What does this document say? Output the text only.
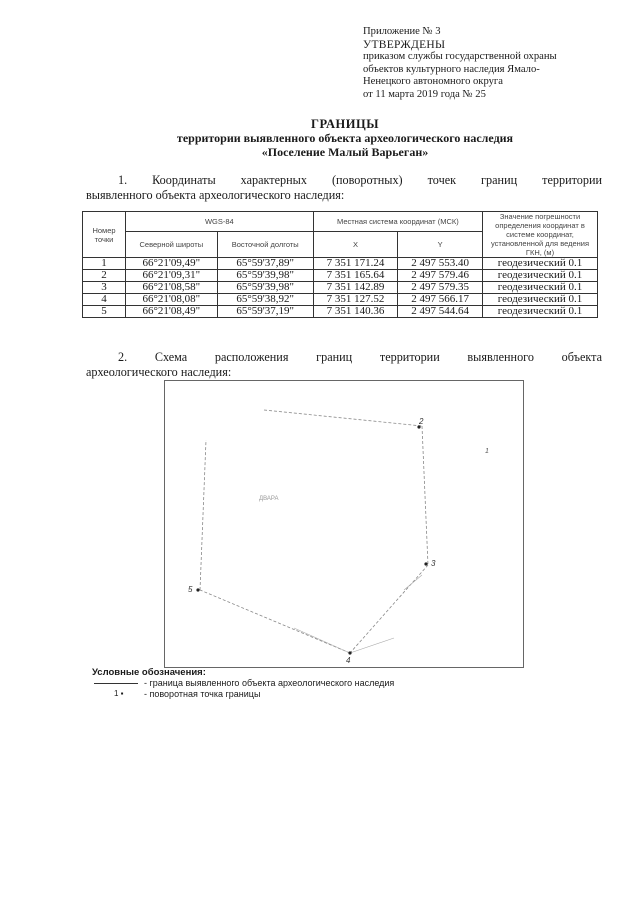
Приложение № 3
УТВЕРЖДЕНЫ
приказом службы государственной охраны
объектов культурного наследия Ямало-
Ненецкого автономного округа
от 11 марта 2019 года № 25
ГРАНИЦЫ
территории выявленного объекта археологического наследия
«Поселение Малый Варьеган»
1. Координаты характерных (поворотных) точек границ территории
выявленного объекта археологического наследия:
Номер точки	WGS-84		Местная система координат (МСК)		Значение погрешности определения координат в системе координат, установленной для ведения ГКН, (м)
	Северной широты	Восточной долготы	X	Y	
1	66°21'09,49"	65°59'37,89"	7 351 171.24	2 497 553.40	геодезический 0.1
2	66°21'09,31"	65°59'39,98"	7 351 165.64	2 497 579.46	геодезический 0.1
3	66°21'08,58"	65°59'39,98"	7 351 142.89	2 497 579.35	геодезический 0.1
4	66°21'08,08"	65°59'38,92"	7 351 127.52	2 497 566.17	геодезический 0.1
5	66°21'08,49"	65°59'37,19"	7 351 140.36	2 497 544.64	геодезический 0.1
2. Схема расположения границ территории выявленного объекта
археологического наследия:
2
3
4
5
1
ДВАРА
Условные обозначения:
- граница выявленного объекта археологического наследия
1 ▪ - поворотная точка границы
